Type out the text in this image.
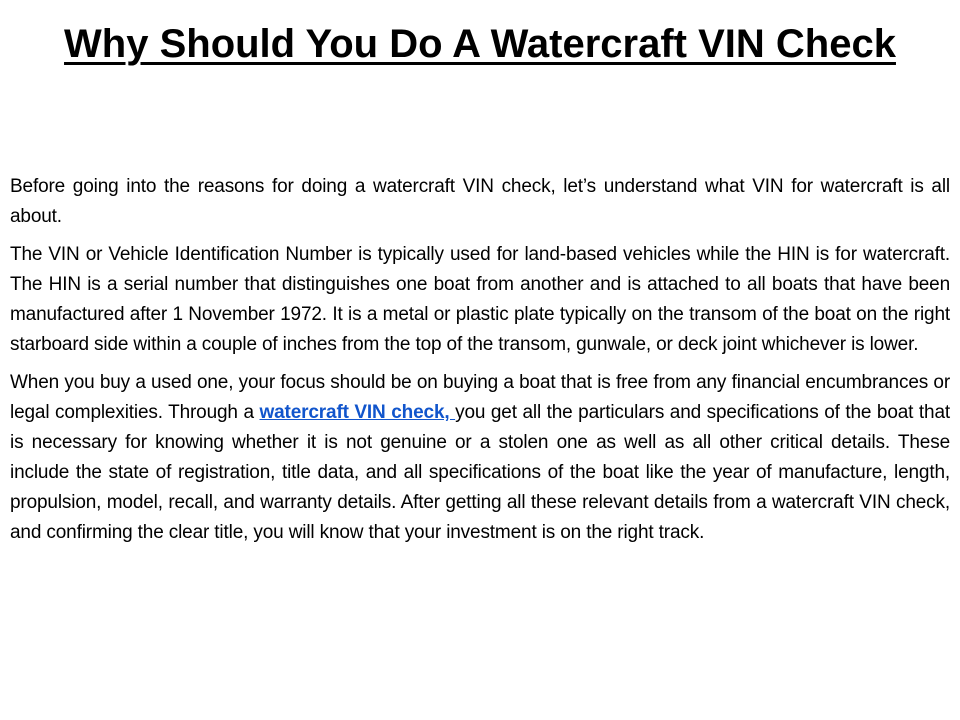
Why Should You Do A Watercraft VIN Check

Before going into the reasons for doing a watercraft VIN check, let’s understand what VIN for watercraft is all about.

The VIN or Vehicle Identification Number is typically used for land-based vehicles while the HIN is for watercraft. The HIN is a serial number that distinguishes one boat from another and is attached to all boats that have been manufactured after 1 November 1972. It is a metal or plastic plate typically on the transom of the boat on the right starboard side within a couple of inches from the top of the transom, gunwale, or deck joint whichever is lower.

When you buy a used one, your focus should be on buying a boat that is free from any financial encumbrances or legal complexities. Through a watercraft VIN check, you get all the particulars and specifications of the boat that is necessary for knowing whether it is not genuine or a stolen one as well as all other critical details. These include the state of registration, title data, and all specifications of the boat like the year of manufacture, length, propulsion, model, recall, and warranty details. After getting all these relevant details from a watercraft VIN check, and confirming the clear title, you will know that your investment is on the right track.
